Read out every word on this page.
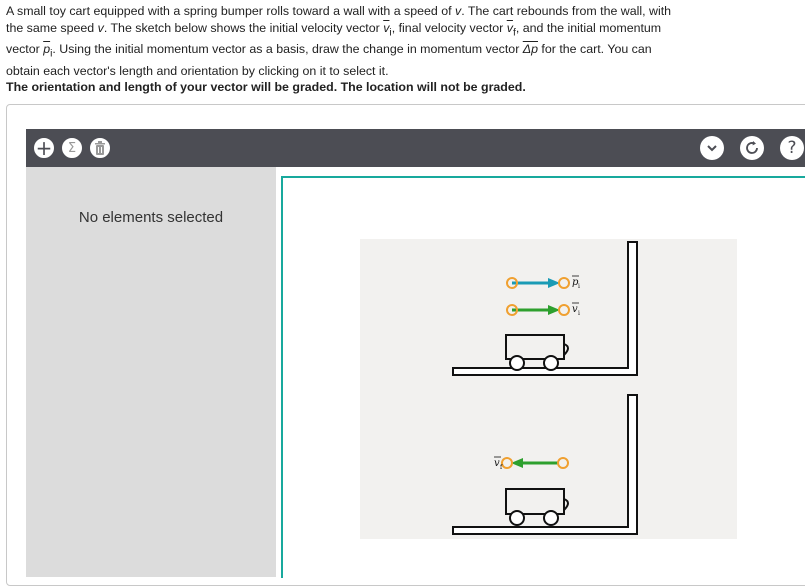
A small toy cart equipped with a spring bumper rolls toward a wall with a speed of v. The cart rebounds from the wall, with

the same speed v. The sketch below shows the initial velocity vector $\overline{v}_i$, final velocity vector $\overline{v}_f$, and the initial momentum

vector $\overline{p}_i$. Using the initial momentum vector as a basis, draw the change in momentum vector $\overline{\Delta p}$ for the cart. You can

obtain each vector's length and orientation by clicking on it to select it.

The orientation and length of your vector will be graded. The location will not be graded.
+ Σ	?
No elements selected
p i
v i
v f
